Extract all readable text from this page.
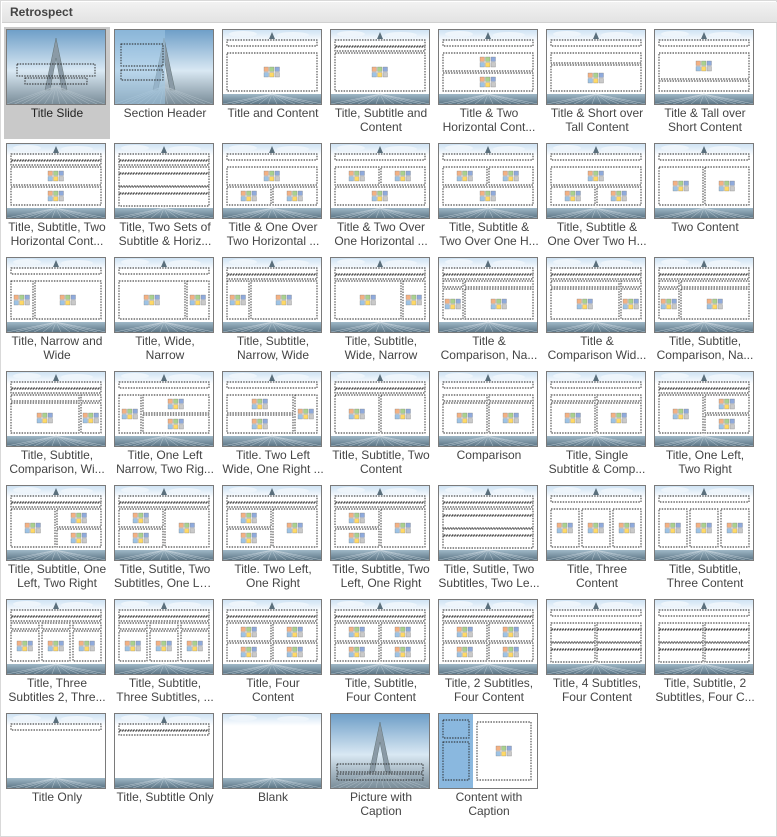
Retrospect
Title Slide	Section Header	Title and Content	Title, Subtitle and
Content
Title & Two
Horizontal Cont...
Title & Short over
Tall Content
Title & Tall over
Short Content
Title, Subtitle, Two
Horizontal Cont...
Title, Two Sets of
Subtitle & Horiz...
Title & One Over
Two Horizontal ...
Title & Two Over
One Horizontal ...
Title, Subtitle &
Two Over One H...
Title, Subtitle &
One Over Two H...
Two Content
Title, Narrow and
Wide
Title, Wide,
Narrow
Title, Subtitle,
Narrow, Wide
Title, Subtitle,
Wide, Narrow
Title &
Comparison, Na...
Title &
Comparison Wid...
Title, Subtitle,
Comparison, Na...
Title, Subtitle,
Comparison, Wi...
Title, One Left
Narrow, Two Rig...
Title. Two Left
Wide, One Right ...
Title, Subtitle, Two
Content
Comparison	Title, Single
Subtitle & Comp...
Title, One Left,
Two Right
Title, Subtitle, One
Left, Two Right
Title, Sutitle, Two
Subtitles, One Le...
Title. Two Left,
One Right
Title, Subtitle, Two
Left, One Right
Title, Sutitle, Two
Subtitles, Two Le...
Title, Three
Content
Title, Subtitle,
Three Content
Title, Three
Subtitles 2, Thre...
Title, Subtitle,
Three Subtitles, ...
Title, Four
Content
Title, Subtitle,
Four Content
Title, 2 Subtitles,
Four Content
Title, 4 Subtitles,
Four Content
Title, Subtitle, 2
Subtitles, Four C...
Title Only	Title, Subtitle Only	Blank	Picture with
Caption
Content with
Caption
